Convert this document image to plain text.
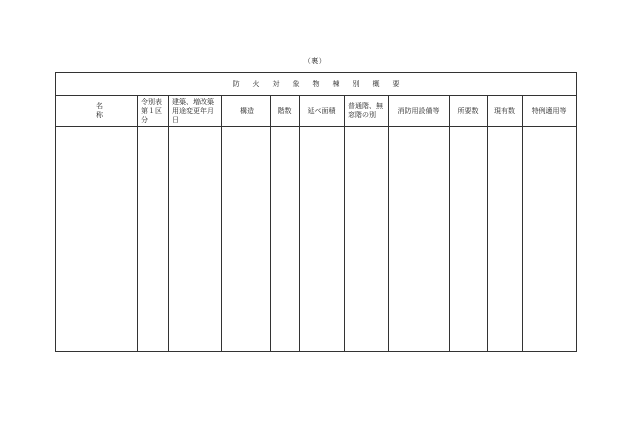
（裏）
防火対象物棟別概要										

名称	令別表第１区分	建築、増改築用途変更年月日	構造	階数	延べ面積	普通階、無窓階の別	消防用設備等	所要数	現有数	特例適用等
